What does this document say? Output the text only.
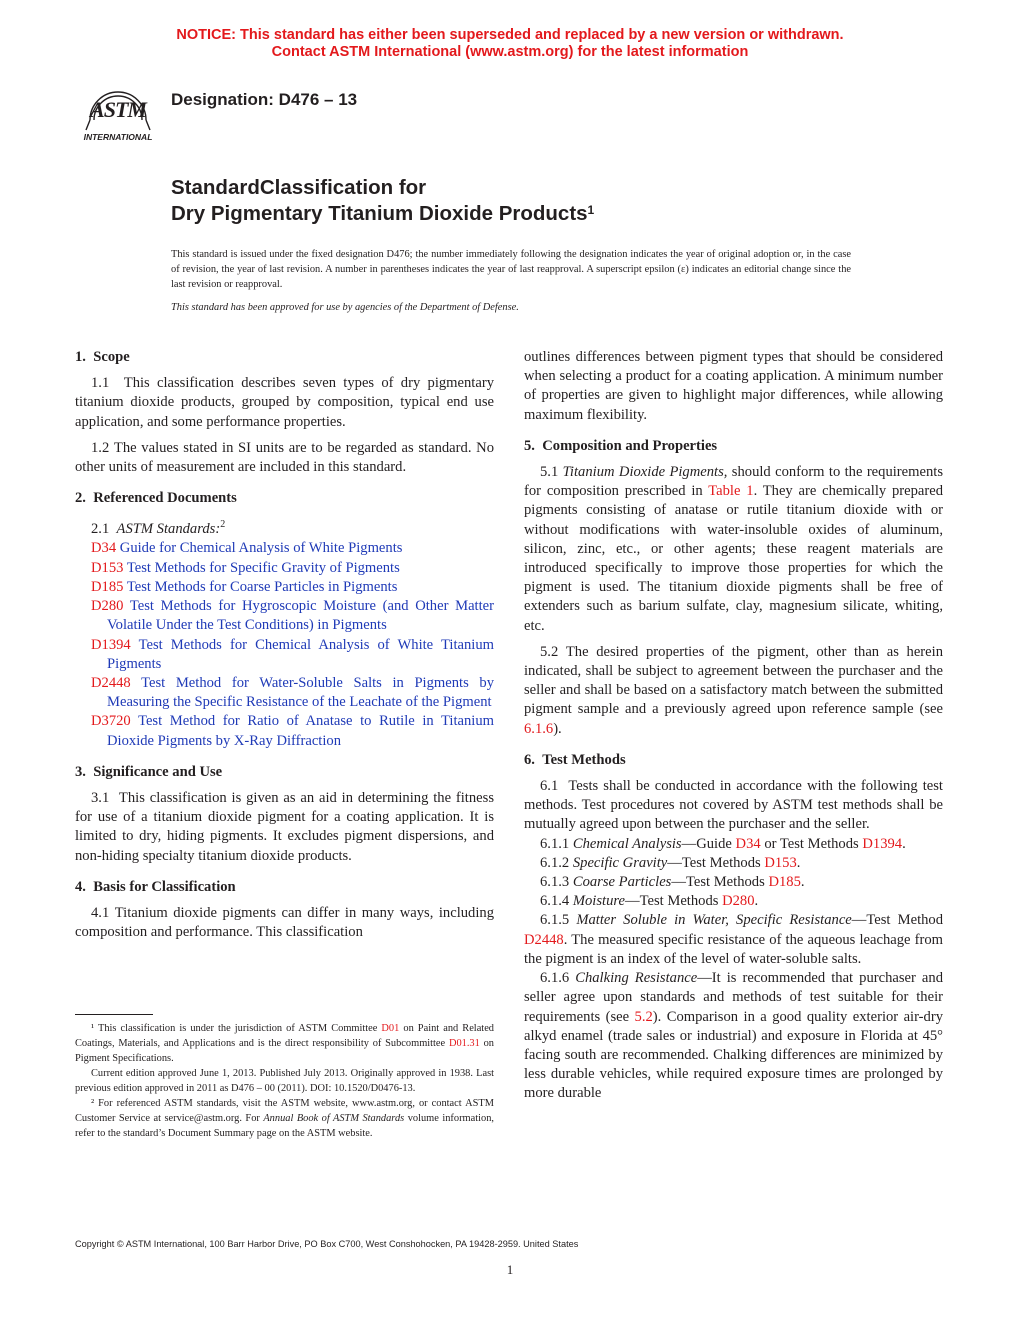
NOTICE: This standard has either been superseded and replaced by a new version or withdrawn.
Contact ASTM International (www.astm.org) for the latest information
ASTM
INTERNATIONAL
Designation: D476 – 13
StandardClassification for
Dry Pigmentary Titanium Dioxide Products$^1$
This standard is issued under the fixed designation D476; the number immediately following the designation indicates the year of original adoption or, in the case of revision, the year of last revision. A number in parentheses indicates the year of last reapproval. A superscript epsilon (ε) indicates an editorial change since the last revision or reapproval.
This standard has been approved for use by agencies of the Department of Defense.
1.  Scope

1.1  This classification describes seven types of dry pigmentary titanium dioxide products, grouped by composition, typical end use application, and some performance properties.

1.2 The values stated in SI units are to be regarded as standard. No other units of measurement are included in this standard.

2.  Referenced Documents

2.1  ASTM Standards:$^2$

D34 Guide for Chemical Analysis of White Pigments

D153 Test Methods for Specific Gravity of Pigments

D185 Test Methods for Coarse Particles in Pigments

D280 Test Methods for Hygroscopic Moisture (and Other Matter Volatile Under the Test Conditions) in Pigments

D1394 Test Methods for Chemical Analysis of White Titanium Pigments

D2448 Test Method for Water-Soluble Salts in Pigments by Measuring the Specific Resistance of the Leachate of the Pigment

D3720 Test Method for Ratio of Anatase to Rutile in Titanium Dioxide Pigments by X-Ray Diffraction

3.  Significance and Use

3.1  This classification is given as an aid in determining the fitness for use of a titanium dioxide pigment for a coating application. It is limited to dry, hiding pigments. It excludes pigment dispersions, and non-hiding specialty titanium dioxide products.

4.  Basis for Classification

4.1 Titanium dioxide pigments can differ in many ways, including composition and performance. This classification

¹ This classification is under the jurisdiction of ASTM Committee D01 on Paint and Related Coatings, Materials, and Applications and is the direct responsibility of Subcommittee D01.31 on Pigment Specifications.

Current edition approved June 1, 2013. Published July 2013. Originally approved in 1938. Last previous edition approved in 2011 as D476 – 00 (2011). DOI: 10.1520/D0476-13.

² For referenced ASTM standards, visit the ASTM website, www.astm.org, or contact ASTM Customer Service at service@astm.org. For Annual Book of ASTM Standards volume information, refer to the standard’s Document Summary page on the ASTM website.

outlines differences between pigment types that should be considered when selecting a product for a coating application. A minimum number of properties are given to highlight major differences, while allowing maximum flexibility.

5.  Composition and Properties

5.1 Titanium Dioxide Pigments, should conform to the requirements for composition prescribed in Table 1. They are chemically prepared pigments consisting of anatase or rutile titanium dioxide with or without modifications with water-insoluble oxides of aluminum, silicon, zinc, etc., or other agents; these reagent materials are introduced specifically to improve those properties for which the pigment is used. The titanium dioxide pigments shall be free of extenders such as barium sulfate, clay, magnesium silicate, whiting, etc.

5.2 The desired properties of the pigment, other than as herein indicated, shall be subject to agreement between the purchaser and the seller and shall be based on a satisfactory match between the submitted pigment sample and a previously agreed upon reference sample (see 6.1.6).

6.  Test Methods

6.1  Tests shall be conducted in accordance with the following test methods. Test procedures not covered by ASTM test methods shall be mutually agreed upon between the purchaser and the seller.

6.1.1 Chemical Analysis—Guide D34 or Test Methods D1394.

6.1.2 Specific Gravity—Test Methods D153.

6.1.3 Coarse Particles—Test Methods D185.

6.1.4 Moisture—Test Methods D280.

6.1.5 Matter Soluble in Water, Specific Resistance—Test Method D2448. The measured specific resistance of the aqueous leachage from the pigment is an index of the level of water-soluble salts.

6.1.6 Chalking Resistance—It is recommended that purchaser and seller agree upon standards and methods of test suitable for their requirements (see 5.2). Comparison in a good quality exterior air-dry alkyd enamel (trade sales or industrial) and exposure in Florida at 45° facing south are recommended. Chalking differences are minimized by less durable vehicles, while required exposure times are prolonged by more durable

Copyright © ASTM International, 100 Barr Harbor Drive, PO Box C700, West Conshohocken, PA 19428-2959. United States
1
